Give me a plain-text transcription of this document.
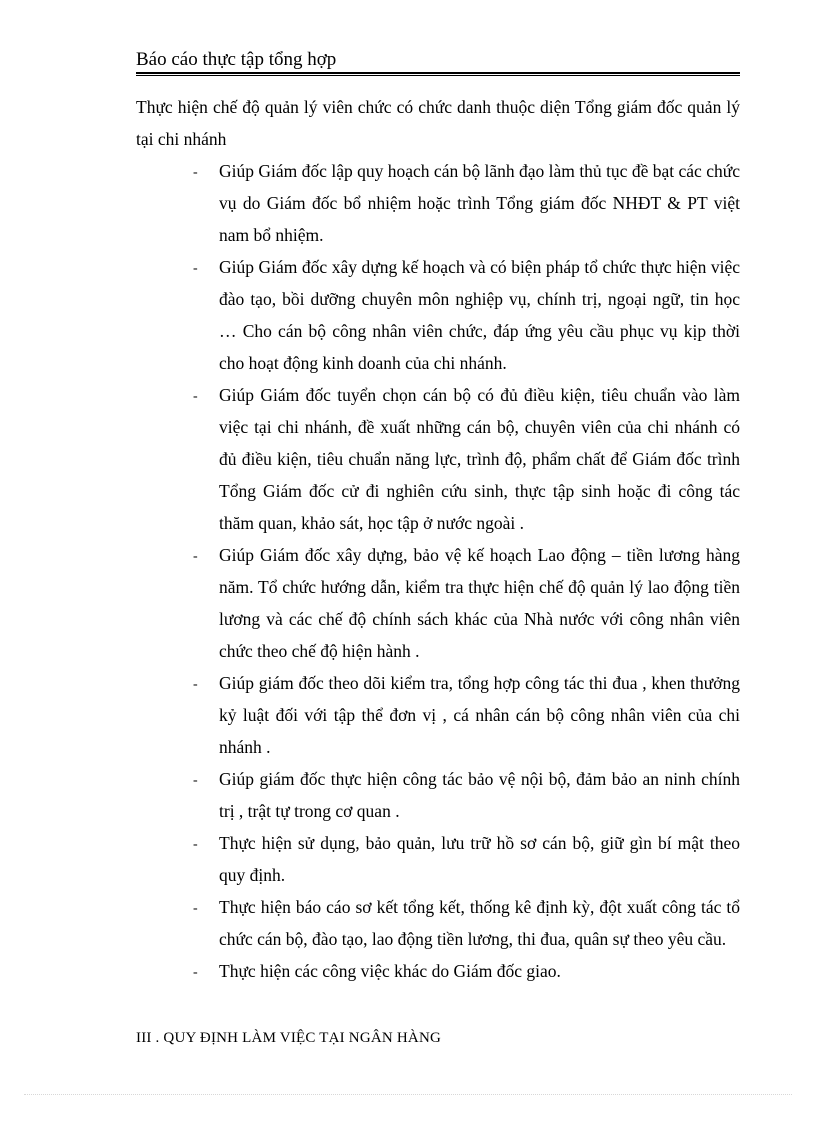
Báo cáo thực tập tổng hợp
Thực hiện chế độ quản lý viên chức có chức danh thuộc diện Tổng giám đốc quản lý tại chi nhánh
-	Giúp Giám đốc lập quy hoạch cán bộ lãnh đạo làm thủ tục đề bạt các chức vụ do Giám đốc bổ nhiệm hoặc trình Tổng giám đốc NHĐT & PT việt nam bổ nhiệm.
-	Giúp Giám đốc xây dựng kế hoạch và có biện pháp tổ chức thực hiện việc đào tạo, bồi dưỡng chuyên môn nghiệp vụ, chính trị, ngoại ngữ, tin học … Cho cán bộ công nhân viên chức, đáp ứng yêu cầu phục vụ kịp thời cho hoạt động kinh doanh của chi nhánh.
-	Giúp Giám đốc tuyển chọn cán bộ có đủ điều kiện, tiêu chuẩn vào làm việc tại chi nhánh, đề xuất những cán bộ, chuyên viên của chi nhánh có đủ điều kiện, tiêu chuẩn năng lực, trình độ, phẩm chất để Giám đốc trình Tổng Giám đốc cử đi nghiên cứu sinh, thực tập sinh hoặc đi công tác thăm quan, khảo sát, học tập ở nước ngoài .
-	Giúp Giám đốc xây dựng, bảo vệ kế hoạch Lao động – tiền lương hàng năm. Tổ chức hướng dẫn, kiểm tra thực hiện chế độ quản lý lao động tiền lương và các chế độ chính sách khác của Nhà nước với công nhân viên chức theo chế độ hiện hành .
-	Giúp giám đốc theo dõi kiểm tra, tổng hợp công tác thi đua , khen thưởng kỷ luật đối với tập thể đơn vị , cá nhân cán bộ công nhân viên của chi nhánh .
-	Giúp giám đốc thực hiện công tác bảo vệ nội bộ, đảm bảo an ninh chính trị , trật tự trong cơ quan .
-	Thực hiện sử dụng, bảo quản, lưu trữ hồ sơ cán bộ, giữ gìn bí mật theo quy định.
-	Thực hiện báo cáo sơ kết tổng kết, thống kê định kỳ, đột xuất công tác tổ chức cán bộ, đào tạo, lao động tiền lương, thi đua, quân sự theo yêu cầu.
-	Thực hiện các công việc khác do Giám đốc giao.
III . QUY ĐỊNH LÀM VIỆC TẠI NGÂN HÀNG
